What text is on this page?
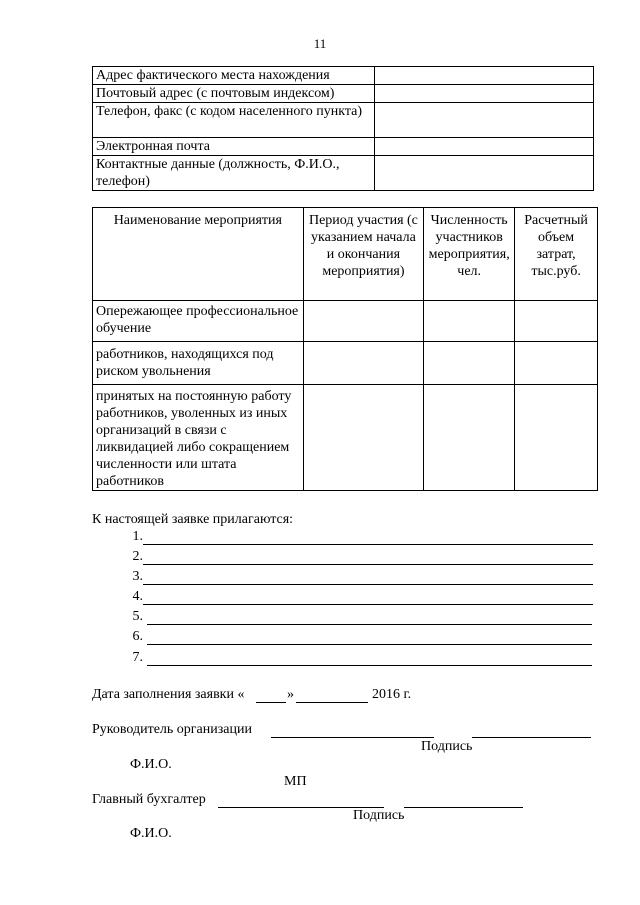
11
Адрес фактического места нахождения	
Почтовый адрес (с почтовым индексом)	
Телефон, факс (с кодом населенного пункта)	
Электронная почта	
Контактные данные (должность, Ф.И.О., телефон)	
Наименование мероприятия	Период участия (с указанием начала и окончания мероприятия)	Численность участников мероприятия, чел.	Расчетный объем затрат, тыс.руб.
Опережающее профессиональное обучение			
работников, находящихся под риском увольнения			
принятых на постоянную работу работников, уволенных из иных организаций в связи с ликвидацией либо сокращением численности или штата работников			
К настоящей заявке прилагаются:
1.
2.
3.
4.
5.
6.
7.
Дата заполнения заявки «	»	2016 г.
Руководитель организации
Подпись
Ф.И.О.
МП
Главный бухгалтер
Подпись
Ф.И.О.
